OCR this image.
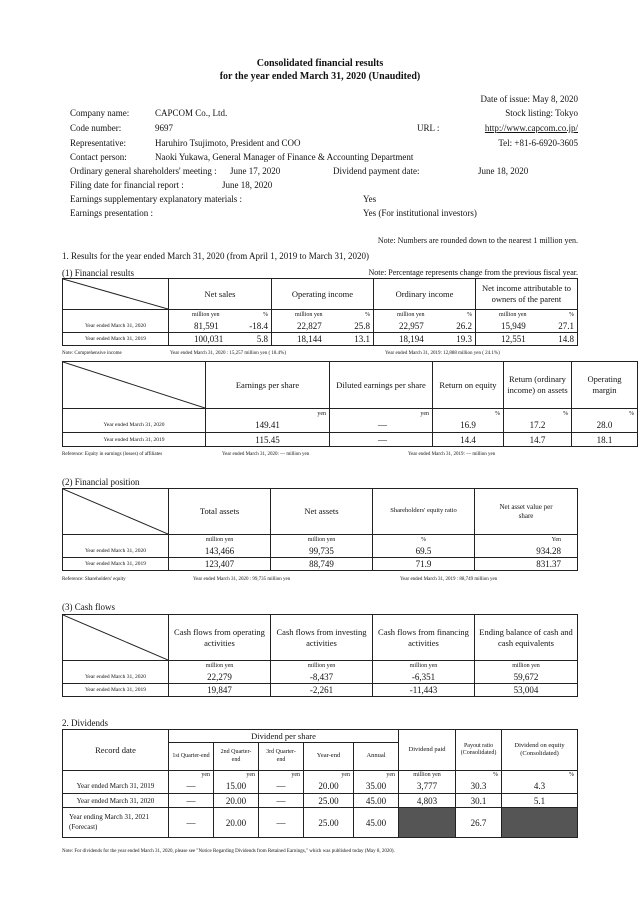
Consolidated financial results
for the year ended March 31, 2020 (Unaudited)
Date of issue: May 8, 2020
Stock listing: Tokyo
Company name:	CAPCOM Co., Ltd.
Code number:	9697	URL :	http://www.capcom.co.jp/
Representative:	Haruhiro Tsujimoto, President and COO	Tel: +81-6-6920-3605
Contact person:	Naoki Yukawa, General Manager of Finance & Accounting Department
Ordinary general shareholders' meeting : June 17, 2020	Dividend payment date:	June 18, 2020
Filing date for financial report :	June 18, 2020
Earnings supplementary explanatory materials :	Yes
Earnings presentation :	Yes (For institutional investors)
Note: Numbers are rounded down to the nearest 1 million yen.
1. Results for the year ended March 31, 2020 (from April 1, 2019 to March 31, 2020)
(1) Financial results	Note: Percentage represents change from the previous fiscal year.
	Net sales	Operating income	Ordinary income	Net income attributable to owners of the parent

	million yen %	million yen %	million yen %	million yen %

Year ended March 31, 2020	81,591 -18.4	22,827 25.8	22,957 26.2	15,949 27.1

Year ended March 31, 2019	100,031 5.8	18,144 13.1	18,194 19.3	12,551 14.8
Note: Comprehensive income	Year ended March 31, 2020 : 15,257 million yen ( 18.4%)	Year ended March 31, 2019: 12,888 million yen ( 24.1%)
	Earnings per share	Diluted earnings per share	Return on equity	Return (ordinary income) on assets	Operating margin
	yen	yen	%	%	%
Year ended March 31, 2020	149.41	—	16.9	17.2	28.0
Year ended March 31, 2019	115.45	—	14.4	14.7	18.1
Reference: Equity in earnings (losses) of affiliates	Year ended March 31, 2020: — million yen	Year ended March 31, 2019: — million yen
(2) Financial position
	Total assets	Net assets	Shareholders' equity ratio	Net asset value per share
	million yen	million yen	%	Yen
Year ended March 31, 2020	143,466	99,735	69.5	934.28
Year ended March 31, 2019	123,407	88,749	71.9	831.37
Reference: Shareholders' equity	Year ended March 31, 2020 : 99,735 million yen	Year ended March 31, 2019 : 88,749 million yen
(3) Cash flows
	Cash flows from operating activities	Cash flows from investing activities	Cash flows from financing activities	Ending balance of cash and cash equivalents
	million yen	million yen	million yen	million yen
Year ended March 31, 2020	22,279	-8,437	-6,351	59,672
Year ended March 31, 2019	19,847	-2,261	-11,443	53,004
2. Dividends
Record date	Dividend per share					Dividend paid	Payout ratio (Consolidated)	Dividend on equity (Consolidated)
	1st Quarter-end	2nd Quarter-end	3rd Quarter-end	Year-end	Annual			
	yen	yen	yen	yen	yen	million yen	%	%
Year ended March 31, 2019	—	15.00	—	20.00	35.00	3,777	30.3	4.3
Year ended March 31, 2020	—	20.00	—	25.00	45.00	4,803	30.1	5.1
Year ending March 31, 2021 (Forecast)	—	20.00	—	25.00	45.00		26.7	
Note: For dividends for the year ended March 31, 2020, please see "Notice Regarding Dividends from Retained Earnings," which was published today (May 8, 2020).
